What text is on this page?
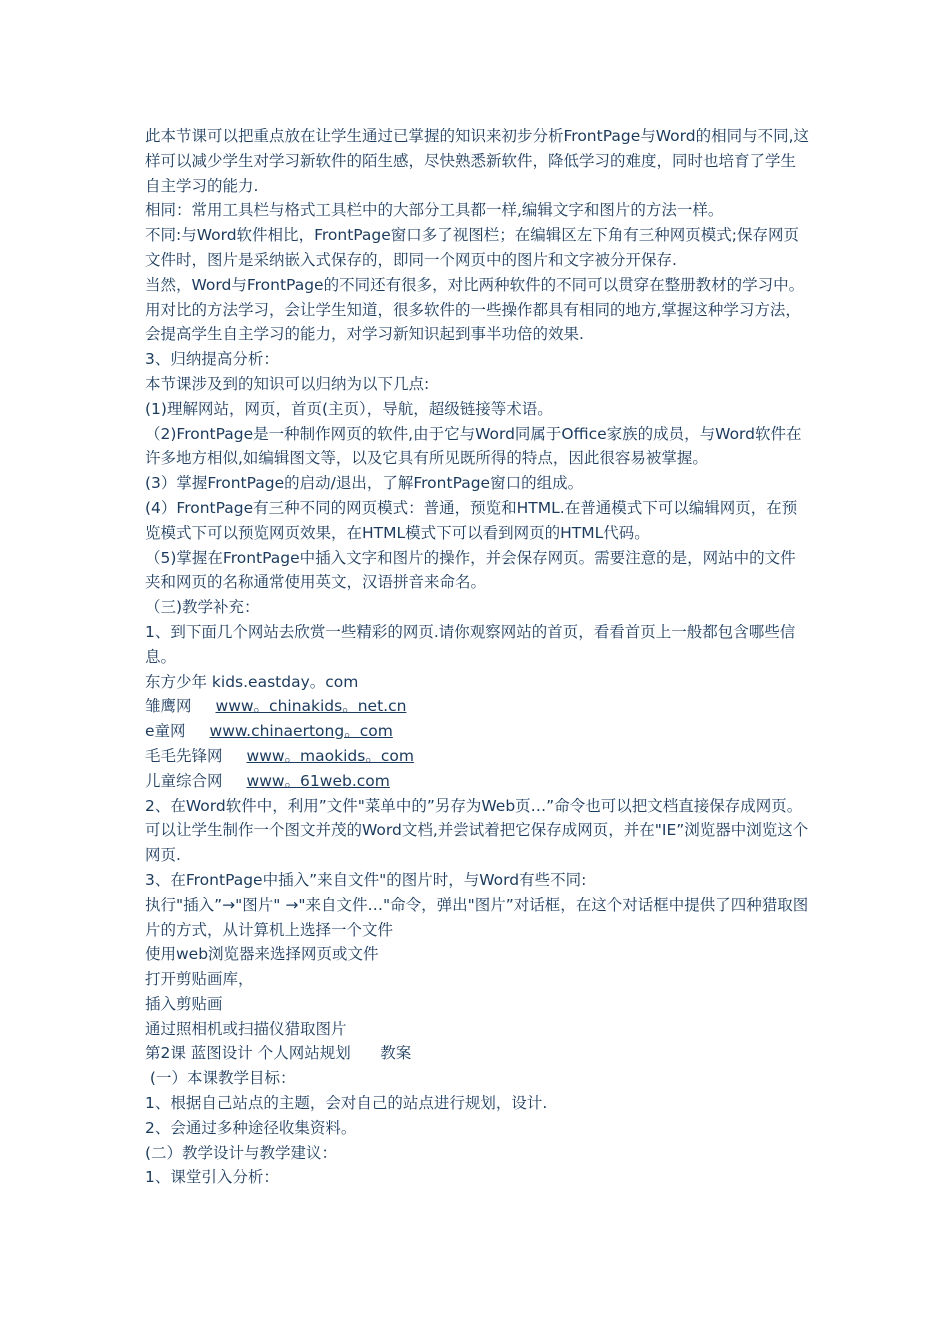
此本节课可以把重点放在让学生通过已掌握的知识来初步分析FrontPage与Word的相同与不同,这样可以减少学生对学习新软件的陌生感，尽快熟悉新软件，降低学习的难度，同时也培育了学生自主学习的能力.

相同：常用工具栏与格式工具栏中的大部分工具都一样,编辑文字和图片的方法一样。

不同:与Word软件相比，FrontPage窗口多了视图栏；在编辑区左下角有三种网页模式;保存网页文件时，图片是采纳嵌入式保存的，即同一个网页中的图片和文字被分开保存.

当然，Word与FrontPage的不同还有很多，对比两种软件的不同可以贯穿在整册教材的学习中。用对比的方法学习，会让学生知道，很多软件的一些操作都具有相同的地方,掌握这种学习方法，会提高学生自主学习的能力，对学习新知识起到事半功倍的效果.

3、归纳提高分析：

本节课涉及到的知识可以归纳为以下几点:

(1)理解网站，网页，首页(主页），导航，超级链接等术语。

（2)FrontPage是一种制作网页的软件,由于它与Word同属于Office家族的成员，与Word软件在许多地方相似,如编辑图文等，以及它具有所见既所得的特点，因此很容易被掌握。

(3）掌握FrontPage的启动/退出，了解FrontPage窗口的组成。

(4）FrontPage有三种不同的网页模式：普通，预览和HTML.在普通模式下可以编辑网页，在预览模式下可以预览网页效果，在HTML模式下可以看到网页的HTML代码。

（5)掌握在FrontPage中插入文字和图片的操作，并会保存网页。需要注意的是，网站中的文件夹和网页的名称通常使用英文，汉语拼音来命名。

（三)教学补充：

1、到下面几个网站去欣赏一些精彩的网页.请你观察网站的首页，看看首页上一般都包含哪些信息。

东方少年 kids.eastday。com

雏鹰网 www。chinakids。net.cn

e童网 www.chinaertong。com

毛毛先锋网 www。maokids。com

儿童综合网 www。61web.com

2、在Word软件中，利用”文件"菜单中的”另存为Web页…”命令也可以把文档直接保存成网页。可以让学生制作一个图文并茂的Word文档,并尝试着把它保存成网页，并在"IE”浏览器中浏览这个网页.

3、在FrontPage中插入”来自文件"的图片时，与Word有些不同:

执行"插入”→"图片" →"来自文件…"命令，弹出"图片”对话框，在这个对话框中提供了四种猎取图片的方式，从计算机上选择一个文件

使用web浏览器来选择网页或文件

打开剪贴画库，

插入剪贴画

通过照相机或扫描仪猎取图片

第2课 蓝图设计 个人网站规划      教案

(一）本课教学目标：

1、根据自己站点的主题，会对自己的站点进行规划，设计.

2、会通过多种途径收集资料。

(二）教学设计与教学建议：

1、课堂引入分析：
